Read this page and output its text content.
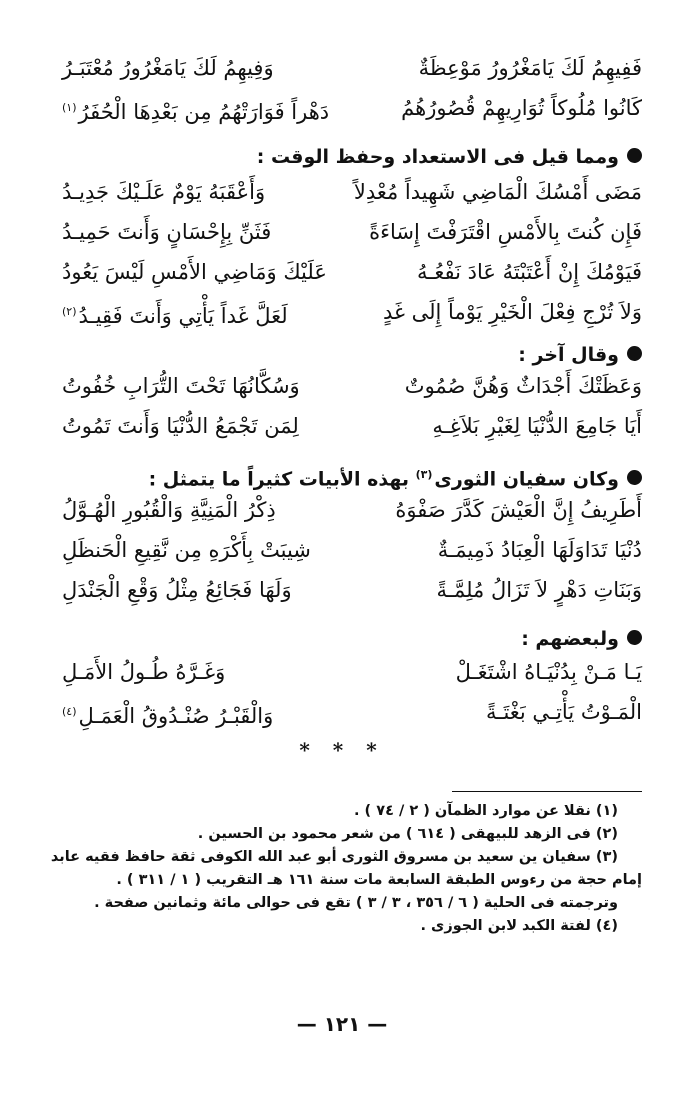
فَفِيهِمُ لَكَ يَامَغْرُورُ مَوْعِظَةٌ
وَفِيهِمُ لَكَ يَامَغْرُورُ مُعْتَبَـرُ
كَانُوا مُلُوكاً تُوَارِيهِمْ قُصُورُهُمُ
دَهْراً فَوَارَتْهُمُ مِن بَعْدِهَا الْحُفَرُ$^{(١)}$
ومما قيل فى الاستعداد وحفظ الوقت :
مَضَى أَمْسُكَ الْمَاضِي شَهِيداً مُعْدِلاً
وَأَعْقَبَهُ يَوْمٌ عَلَـيْكَ جَدِيـدُ
فَإِن كُنتَ بِالأَمْسِ اقْتَرَفْتَ إِسَاءَةً
فَثَنِّ بِإِحْسَانٍ وَأَنتَ حَمِيـدُ
فَيَوْمُكَ إِنْ أَعْتَبْتَهُ عَادَ نَفْعُـهُ
عَلَيْكَ وَمَاضِي الأَمْسِ لَيْسَ يَعُودُ
وَلاَ تُرْجِ فِعْلَ الْخَيْرِ يَوْماً إِلَى غَدٍ
لَعَلَّ غَداً يَأْتِي وَأَنتَ فَقِيـدُ$^{(٢)}$
وقال آخر :
وَعَظَتْكَ أَجْدَاثٌ وَهُنَّ صُمُوتٌ
وَسُكَّانُهَا تَحْتَ التُّرَابِ خُفُوتُ
أَيَا جَامِعَ الدُّنْيَا لِغَيْرِ بَلاَغِـهِ
لِمَن تَجْمَعُ الدُّنْيَا وَأَنتَ تَمُوتُ
وكان سفيان الثورى$^{(٣)}$ بهذه الأبيات كثيراً ما يتمثل :
أَطَرِيفُ إِنَّ الْعَيْشَ كَدَّرَ صَفْوَهُ
ذِكْرُ الْمَنِيَّةِ وَالْقُبُورِ الْهُـوَّلُ
دُنْيَا تَدَاوَلَهَا الْعِبَادُ ذَمِيمَـةٌ
شِيبَتْ بِأَكْرَهِ مِن نَّقِيعِ الْحَنظَلِ
وَبَنَاتِ دَهْرٍ لاَ تَزَالُ مُلِمَّـةً
وَلَهَا فَجَائِعُ مِثْلُ وَقْعِ الْجَنْدَلِ
ولبعضهم :
يَـا مَـنْ بِدُنْيَـاهُ اشْتَغَـلْ
وَغَـرَّهُ طُـولُ الأَمَـلِ
الْمَـوْتُ يَأْتِـي بَغْتَـةً
وَالْقَبْـرُ صُنْـدُوقُ الْعَمَـلِ$^{(٤)}$
* * *
(١) نقلا عن موارد الظمآن ( ٢ / ٧٤ ) .
(٢) فى الزهد للبيهقى ( ٦١٤ ) من شعر محمود بن الحسين .
(٣) سفيان ين سعيد بن مسروق الثورى أبو عبد الله الكوفى ثقة حافظ فقيه عابد
إمام حجة من رءوس الطبقة السابعة مات سنة ١٦١ هـ التقريب ( ١ / ٣١١ ) .
وترجمته فى الحلية ( ٦ / ٣٥٦ ، ٣ / ٣ ) تقع فى حوالى مائة وثمانين صفحة .
(٤) لفتة الكبد لابن الجوزى .
— ١٢١ —
